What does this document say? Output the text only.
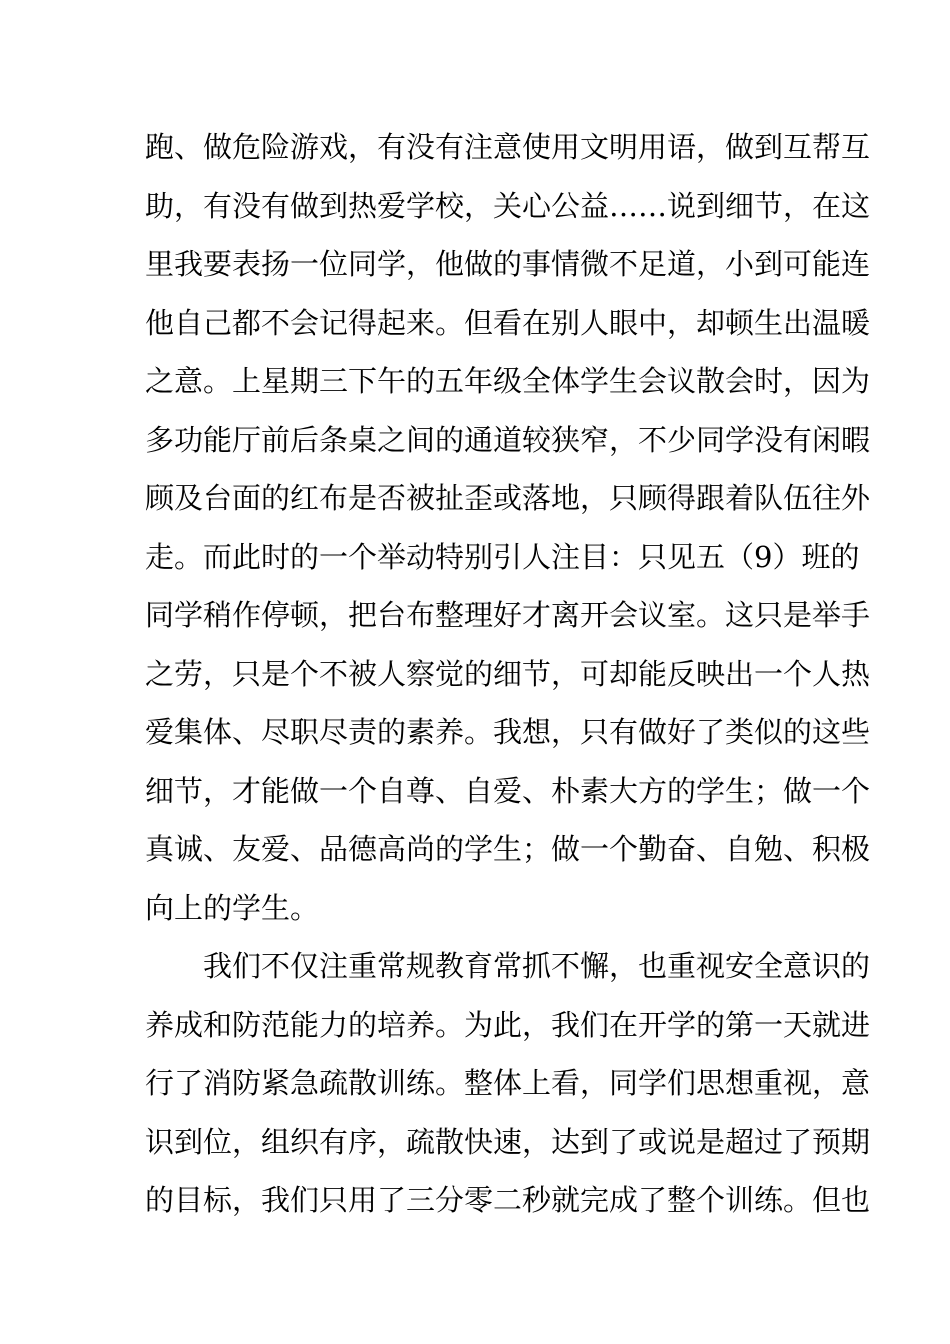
跑、做危险游戏，有没有注意使用文明用语，做到互帮互
助，有没有做到热爱学校，关心公益……说到细节，在这
里我要表扬一位同学，他做的事情微不足道，小到可能连
他自己都不会记得起来。但看在别人眼中，却顿生出温暖
之意。上星期三下午的五年级全体学生会议散会时，因为
多功能厅前后条桌之间的通道较狭窄，不少同学没有闲暇
顾及台面的红布是否被扯歪或落地，只顾得跟着队伍往外
走。而此时的一个举动特别引人注目：只见五（9）班的
同学稍作停顿，把台布整理好才离开会议室。这只是举手
之劳，只是个不被人察觉的细节，可却能反映出一个人热
爱集体、尽职尽责的素养。我想，只有做好了类似的这些
细节，才能做一个自尊、自爱、朴素大方的学生；做一个
真诚、友爱、品德高尚的学生；做一个勤奋、自勉、积极
向上的学生。
　　我们不仅注重常规教育常抓不懈，也重视安全意识的
养成和防范能力的培养。为此，我们在开学的第一天就进
行了消防紧急疏散训练。整体上看，同学们思想重视，意
识到位，组织有序，疏散快速，达到了或说是超过了预期
的目标，我们只用了三分零二秒就完成了整个训练。但也
